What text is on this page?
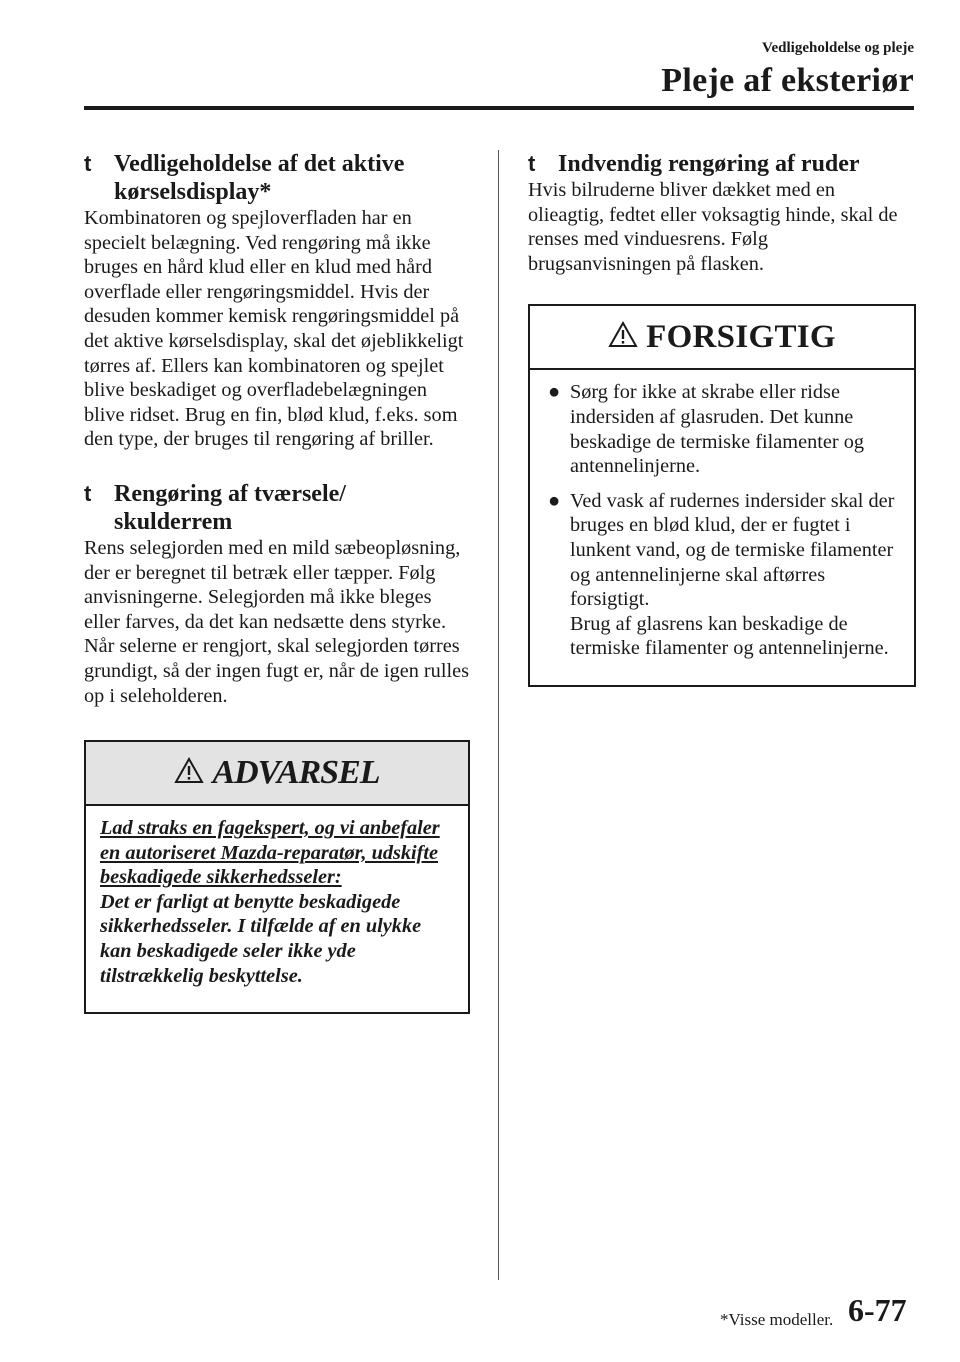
Vedligeholdelse og pleje
Pleje af eksteriør
t Vedligeholdelse af det aktive kørselsdisplay*

Kombinatoren og spejloverfladen har en specielt belægning. Ved rengøring må ikke bruges en hård klud eller en klud med hård overflade eller rengøringsmiddel. Hvis der desuden kommer kemisk rengøringsmiddel på det aktive kørselsdisplay, skal det øjeblikkeligt tørres af. Ellers kan kombinatoren og spejlet blive beskadiget og overfladebelægningen blive ridset. Brug en fin, blød klud, f.eks. som den type, der bruges til rengøring af briller.

t Rengøring af tværsele/ skulderrem

Rens selegjorden med en mild sæbeopløsning, der er beregnet til betræk eller tæpper. Følg anvisningerne. Selegjorden må ikke bleges eller farves, da det kan nedsætte dens styrke.

Når selerne er rengjort, skal selegjorden tørres grundigt, så der ingen fugt er, når de igen rulles op i seleholderen.

ADVARSEL

Lad straks en fagekspert, og vi anbefaler en autoriseret Mazda-reparatør, udskifte beskadigede sikkerhedsseler:
Det er farligt at benytte beskadigede sikkerhedsseler. I tilfælde af en ulykke kan beskadigede seler ikke yde tilstrækkelig beskyttelse.

t Indvendig rengøring af ruder

Hvis bilruderne bliver dækket med en olieagtig, fedtet eller voksagtig hinde, skal de renses med vinduesrens. Følg brugsanvisningen på flasken.

FORSIGTIG
● Sørg for ikke at skrabe eller ridse indersiden af glasruden. Det kunne beskadige de termiske filamenter og antennelinjerne.
● Ved vask af rudernes indersider skal der bruges en blød klud, der er fugtet i lunkent vand, og de termiske filamenter og antennelinjerne skal aftørres forsigtigt.
Brug af glasrens kan beskadige de termiske filamenter og antennelinjerne.
*Visse modeller. 6-77
